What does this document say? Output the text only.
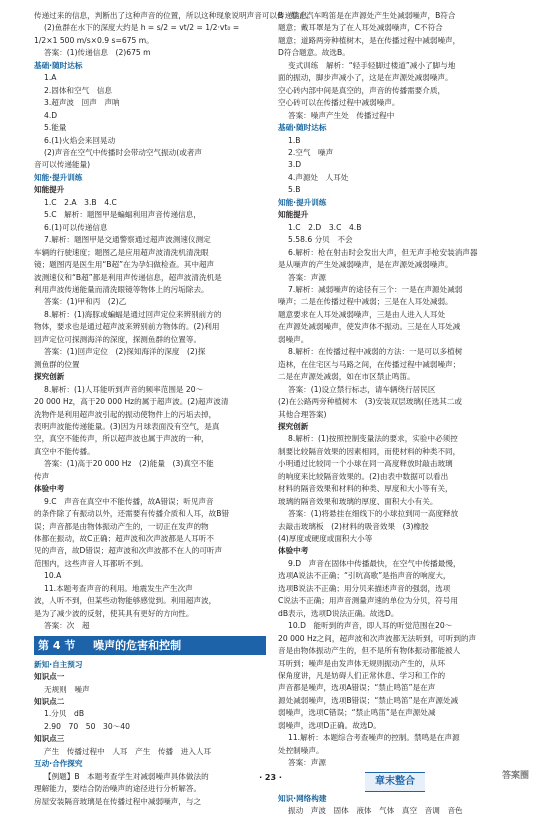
传递过来的信息，判断出了这种声音的位置，所以这种现象说明声音可以传递信息。
(2)鱼群在水下的深度大约是 h = s/2 = vt/2 = 1/2·vt₀ =
1/2×1 500 m/s×0.9 s=675 m。
答案：(1)传递信息　(2)675 m
基础·随时达标
1.A
2.固体和空气　信息
3.超声波　回声　声呐
4.D
5.能量
6.(1)火焰会来回晃动
(2)声音在空气中传播时会带动空气振动(或者声
音可以传递能量)
知能·提升训练
知能提升
1.C　2.A　3.B　4.C
5.C　解析：题图甲是蝙蝠利用声音传递信息，
6.(1)可以传递信息
7.解析：题图甲是交通警察通过超声波测速仪测定
车辆的行驶速度；题图乙是应用超声波清洗机清洗眼
镜；题图丙是医生用“B超”在为孕妇做检查。其中超声
波测速仪和“B超”都是利用声传递信息，超声波清洗机是
利用声波传递能量而清洗眼镜等物体上的污垢除去。
答案：(1)甲和丙　(2)乙
8.解析：(1)海豚或蝙蝠是通过回声定位来辨别前方的
物体，要求也是通过超声波来辨别前方物体的。(2)利用
回声定位可探测海洋的深度，探测鱼群的位置等。
答案：(1)回声定位　(2)探知海洋的深度　(2)探
测鱼群的位置
探究创新
8.解析：(1)人耳能听到声音的频率范围是 20～
20 000 Hz，高于20 000 Hz的属于超声波。(2)超声波清
洗物件是利用超声波引起的振动使物件上的污垢去掉，
表明声波能传递能量。(3)因为月球表面没有空气，是真
空，真空不能传声，所以超声波也属于声波的一种，
真空中不能传播。
答案：(1)高于20 000 Hz　(2)能量　(3)真空不能
传声
体验中考
9.C　声音在真空中不能传播，故A错误；听见声音
的条件除了有振动以外，还需要有传播介质和人耳，故B错
误；声音都是由物体振动产生的，一切正在发声的物
体都在振动，故C正确；超声波和次声波都是人耳听不
见的声音，故D错误；超声波和次声波都不在人的可听声
范围内，这些声音人耳都听不到。
10.A
11.本题考查声音的利用。地震发生产生次声
波，人听不到，但某些动物能够感觉到。利用超声波，
是为了减少波的反射，使其具有更好的方向性。
答案：次　超
第 4 节 噪声的危害和控制
新知·自主预习
知识点一
无规则　噪声
知识点二
1.分贝　dB
2.90　70　50　30～40
知识点三
产生　传播过程中　人耳　产生　传播　进入人耳
互动·合作探究
【例题】B　本题考查学生对减弱噪声具体做法的
理解能力，要结合防治噪声的途径进行分析解答。
房屋安装隔音玻璃是在传播过程中减弱噪声，与之
B　禁止汽车鸣笛是在声源处产生处减弱噪声，B符合
题意；戴耳罩是为了在人耳处减弱噪声，C不符合
题意；道路两旁种植树木，是在传播过程中减弱噪声，
D符合题意。故选B。
变式训练　解析：“轻手轻脚过楼道”减小了脚与地
面的振动，脚步声减小了，这是在声源处减弱噪声。
空心砖内部中间是真空的，声音的传播需要介质，
空心砖可以在传播过程中减弱噪声。
答案：噪声产生处　传播过程中
基础·随时达标
1.B
2.空气　噪声
3.D
4.声源处　人耳处
5.B
知能·提升训练
知能提升
1.C　2.D　3.C　4.B
5.58.6 分贝　不会
6.解析：枪在射击时会发出大声，但无声手枪安装消声器
是从噪声的产生处减弱噪声，是在声源处减弱噪声。
答案：声源
7.解析：减弱噪声的途径有三个：一是在声源处减弱
噪声；二是在传播过程中减弱；三是在人耳处减弱。
题意要求在人耳处减弱噪声，三是由人进入人耳处
在声源处减弱噪声，使发声体不振动。三是在人耳处减
弱噪声。
8.解析：在传播过程中减弱的方法：一是可以多植树
造林，在住宅区与马路之间，在传播过程中减弱噪声；
二是在声源处减弱，如在市区禁止鸣笛。
答案：(1)设立禁行标志，请车辆绕行居民区
(2)在公路两旁种植树木　(3)安装双层玻璃(任选其二或
其他合理答案)
探究创新
8.解析：(1)按照控制变量法的要求，实验中必须控
制要比较隔音效果的因素相同，而使材料的种类不同，
小明通过比较同一个小球在同一高度释放时敲击玻璃
的响度来比较隔音效果的。(2)由表中数据可以看出
材料的隔音效果和材料的种类、厚度和大小等有关，
玻璃的隔音效果和玻璃的厚度、面积大小有关。
答案：(1)将悬挂在细线下的小球拉到同一高度释放
去敲击玻璃板　(2)材料的吸音效果　(3)橡胶
(4)厚度或硬度或面积大小等
体验中考
9.D　声音在固体中传播最快，在空气中传播最慢，
选项A说法不正确；“引吭高歌”是指声音的响度大，
选项B说法不正确；用分贝来描述声音的强弱，选项
C说法不正确；用声音测量声速的单位为分贝，符号用
dB表示，选项D说法正确。故选D。
10.D　能听到的声音，即人耳的听觉范围在20～
20 000 Hz之间，超声波和次声波都无法听到，可听到的声
音是由物体振动产生的，但不是所有物体振动都能被人
耳听到；噪声是由发声体无规则振动产生的，从环
保角度讲，凡是妨碍人们正常休息、学习和工作的
声音都是噪声，选项A错误；“禁止鸣笛”是在声
源处减弱噪声，选项B错误；“禁止鸣笛”是在声源处减
弱噪声，选项C错误；“禁止鸣笛”是在声源处减
弱噪声，选项D正确。故选D。
11.解析：本题综合考查噪声的控制。禁鸣是在声源
处控制噪声。
答案：声源
章末整合
知识·网络构建
振动　声波　固体　液体　气体　真空　音调　音色
· 23 ·	答案圈
